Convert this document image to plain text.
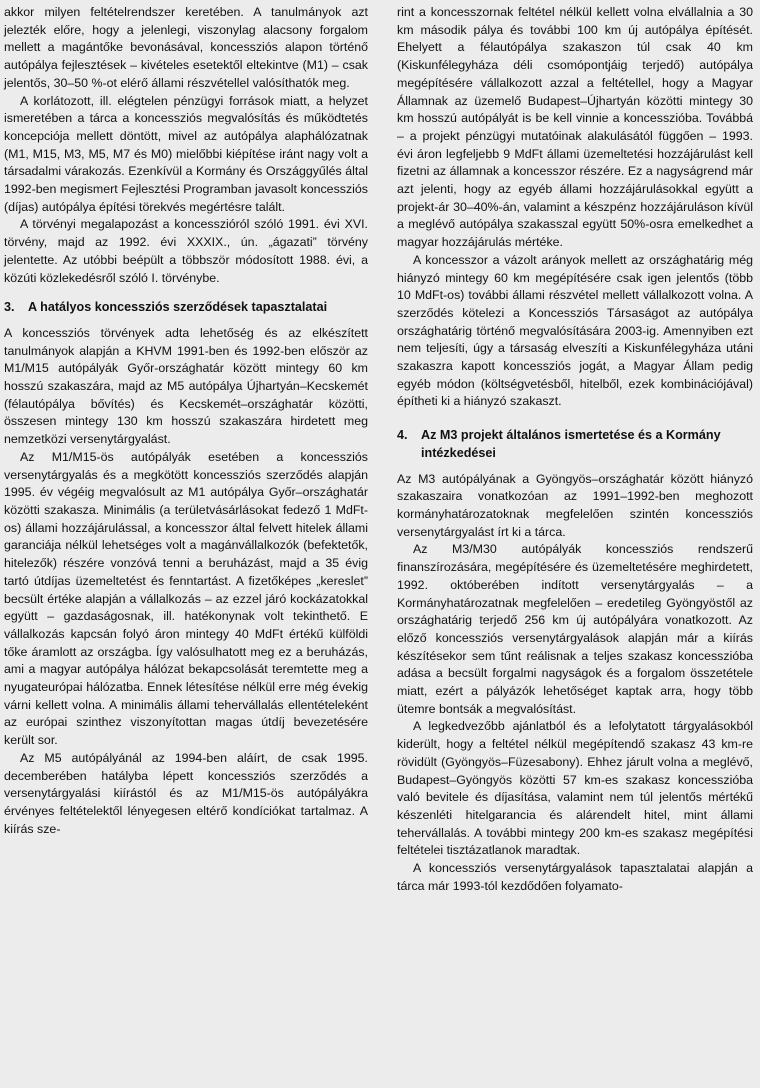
akkor milyen feltételrendszer keretében. A tanulmányok azt jelezték előre, hogy a jelenlegi, viszonylag alacsony forgalom mellett a magántőke bevonásával, koncessziós alapon történő autópálya fejlesztések – kivételes esetektől eltekintve (M1) – csak jelentős, 30–50 %-ot elérő állami részvétellel valósíthatók meg.

A korlátozott, ill. elégtelen pénzügyi források miatt, a helyzet ismeretében a tárca a koncessziós megvalósítás és működtetés koncepciója mellett döntött, mivel az autópálya alaphálózatnak (M1, M15, M3, M5, M7 és M0) mielőbbi kiépítése iránt nagy volt a társadalmi várakozás. Ezenkívül a Kormány és Országgyűlés által 1992-ben megismert Fejlesztési Programban javasolt koncessziós (díjas) autópálya építési törekvés megértésre talált.

A törvényi megalapozást a koncesszióról szóló 1991. évi XVI. törvény, majd az 1992. évi XXXIX., ún. „ágazati” törvény jelentette. Az utóbbi beépült a többször módosított 1988. évi, a közúti közlekedésről szóló I. törvénybe.

3.	A hatályos koncessziós szerződések tapasztalatai

A koncessziós törvények adta lehetőség és az elkészített tanulmányok alapján a KHVM 1991-ben és 1992-ben először az M1/M15 autópályák Győr-országhatár között mintegy 60 km hosszú szakaszára, majd az M5 autópálya Újhartyán–Kecskemét (félautópálya bővítés) és Kecskemét–országhatár közötti, összesen mintegy 130 km hosszú szakaszára hirdetett meg nemzetközi versenytárgyalást.

Az M1/M15-ös autópályák esetében a koncessziós versenytárgyalás és a megkötött koncessziós szerződés alapján 1995. év végéig megvalósult az M1 autópálya Győr–országhatár közötti szakasza. Minimális (a területvásárlásokat fedező 1 MdFt-os) állami hozzájárulással, a koncesszor által felvett hitelek állami garanciája nélkül lehetséges volt a magánvállalkozók (befektetők, hitelezők) részére vonzóvá tenni a beruházást, majd a 35 évig tartó útdíjas üzemeltetést és fenntartást. A fizetőképes „kereslet” becsült értéke alapján a vállalkozás – az ezzel járó kockázatokkal együtt – gazdaságosnak, ill. hatékonynak volt tekinthető. E vállalkozás kapcsán folyó áron mintegy 40 MdFt értékű külföldi tőke áramlott az országba. Így valósulhatott meg ez a beruházás, ami a magyar autópálya hálózat bekapcsolását teremtette meg a nyugateurópai hálózatba. Ennek létesítése nélkül erre még évekig várni kellett volna. A minimális állami tehervállalás ellentételeként az európai szinthez viszonyítottan magas útdíj bevezetésére került sor.

Az M5 autópályánál az 1994-ben aláírt, de csak 1995. decemberében hatályba lépett koncessziós szerződés a versenytárgyalási kiírástól és az M1/M15-ös autópályákra érvényes feltételektől lényegesen eltérő kondíciókat tartalmaz. A kiírás sze-

rint a koncesszornak feltétel nélkül kellett volna elvállalnia a 30 km második pálya és további 100 km új autópálya építését. Ehelyett a félautópálya szakaszon túl csak 40 km (Kiskunfélegyháza déli csomópontjáig terjedő) autópálya megépítésére vállalkozott azzal a feltétellel, hogy a Magyar Államnak az üzemelő Budapest–Újhartyán közötti mintegy 30 km hosszú autópályát is be kell vinnie a koncesszióba. Továbbá – a projekt pénzügyi mutatóinak alakulásától függően – 1993. évi áron legfeljebb 9 MdFt állami üzemeltetési hozzájárulást kell fizetni az államnak a koncesszor részére. Ez a nagyságrend már azt jelenti, hogy az egyéb állami hozzájárulásokkal együtt a projekt-ár 30–40%-án, valamint a készpénz hozzájáruláson kívül a meglévő autópálya szakasszal együtt 50%-osra emelkedhet a magyar hozzájárulás mértéke.

A koncesszor a vázolt arányok mellett az országhatárig még hiányzó mintegy 60 km megépítésére csak igen jelentős (több 10 MdFt-os) további állami részvétel mellett vállalkozott volna. A szerződés kötelezi a Koncessziós Társaságot az autópálya országhatárig történő megvalósítására 2003-ig. Amennyiben ezt nem teljesíti, úgy a társaság elveszíti a Kiskunfélegyháza utáni szakaszra kapott koncessziós jogát, a Magyar Állam pedig egyéb módon (költségvetésből, hitelből, ezek kombinációjával) építheti ki a hiányzó szakaszt.

4.	Az M3 projekt általános ismertetése és a Kormány intézkedései

Az M3 autópályának a Gyöngyös–országhatár között hiányzó szakaszaira vonatkozóan az 1991–1992-ben meghozott kormányhatározatoknak megfelelően szintén koncessziós versenytárgyalást írt ki a tárca.

Az M3/M30 autópályák koncessziós rendszerű finanszírozására, megépítésére és üzemeltetésére meghirdetett, 1992. októberében indított versenytárgyalás – a Kormányhatározatnak megfelelően – eredetileg Gyöngyöstől az országhatárig terjedő 256 km új autópályára vonatkozott. Az előző koncessziós versenytárgyalások alapján már a kiírás készítésekor sem tűnt reálisnak a teljes szakasz koncesszióba adása a becsült forgalmi nagyságok és a forgalom összetétele miatt, ezért a pályázók lehetőséget kaptak arra, hogy több ütemre bontsák a megvalósítást.

A legkedvezőbb ajánlatból és a lefolytatott tárgyalásokból kiderült, hogy a feltétel nélkül megépítendő szakasz 43 km-re rövidült (Gyöngyös–Füzesabony). Ehhez járult volna a meglévő, Budapest–Gyöngyös közötti 57 km-es szakasz koncesszióba való bevitele és díjasítása, valamint nem túl jelentős mértékű készenléti hitelgarancia és alárendelt hitel, mint állami tehervállalás. A további mintegy 200 km-es szakasz megépítési feltételei tisztázatlanok maradtak.

A koncessziós versenytárgyalások tapasztalatai alapján a tárca már 1993-tól kezdődően folyamato-
